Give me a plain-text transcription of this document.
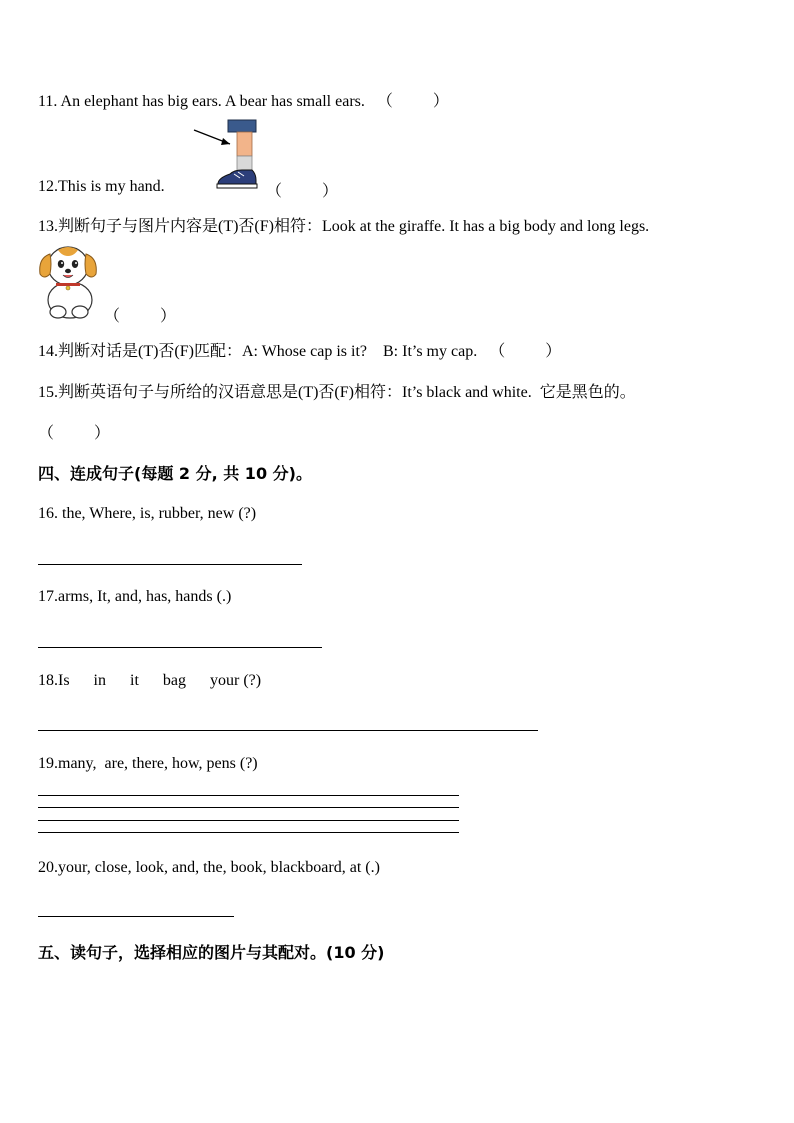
11. An elephant has big ears. A bear has small ears. （          ）
12.This is my hand.	（          ）
13.判断句子与图片内容是(T)否(F)相符：Look at the giraffe. It has a big body and long legs.
（          ）
14.判断对话是(T)否(F)匹配：A: Whose cap is it?    B: It’s my cap. （          ）
15.判断英语句子与所给的汉语意思是(T)否(F)相符：It’s black and white.  它是黑色的。
（          ）
四、连成句子(每题 2 分, 共 10 分)。
16. the, Where, is, rubber, new (?)
17.arms, It, and, has, hands (.)
18.Is      in      it      bag      your (?)
19.many,  are, there, how, pens (?)
20.your, close, look, and, the, book, blackboard, at (.)
五、读句子，选择相应的图片与其配对。(10 分)
